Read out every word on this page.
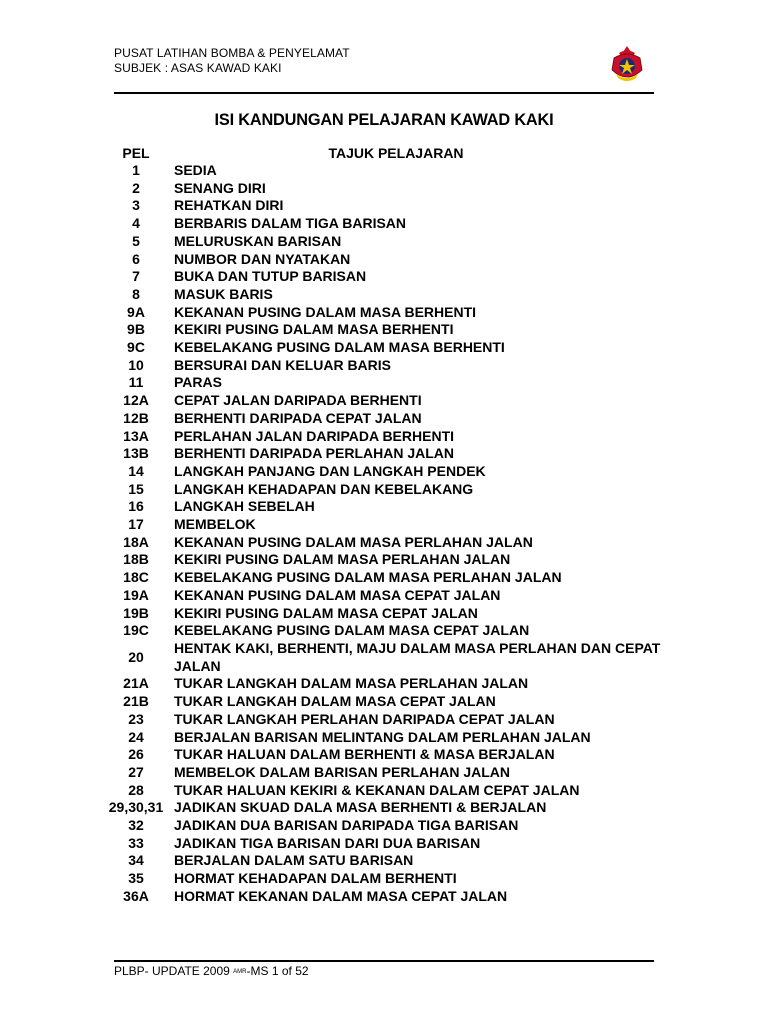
PUSAT LATIHAN BOMBA & PENYELAMAT
SUBJEK : ASAS KAWAD KAKI
ISI KANDUNGAN PELAJARAN KAWAD KAKI
PEL	TAJUK PELAJARAN
1	SEDIA
2	SENANG DIRI
3	REHATKAN DIRI
4	BERBARIS DALAM TIGA BARISAN
5	MELURUSKAN BARISAN
6	NUMBOR DAN NYATAKAN
7	BUKA DAN TUTUP BARISAN
8	MASUK BARIS
9A	KEKANAN PUSING DALAM MASA BERHENTI
9B	KEKIRI PUSING DALAM MASA BERHENTI
9C	KEBELAKANG PUSING DALAM MASA BERHENTI
10	BERSURAI DAN KELUAR BARIS
11	PARAS
12A	CEPAT JALAN DARIPADA BERHENTI
12B	BERHENTI DARIPADA CEPAT JALAN
13A	PERLAHAN JALAN DARIPADA BERHENTI
13B	BERHENTI DARIPADA PERLAHAN JALAN
14	LANGKAH PANJANG DAN LANGKAH PENDEK
15	LANGKAH KEHADAPAN DAN KEBELAKANG
16	LANGKAH SEBELAH
17	MEMBELOK
18A	KEKANAN PUSING DALAM MASA PERLAHAN JALAN
18B	KEKIRI PUSING DALAM MASA PERLAHAN JALAN
18C	KEBELAKANG PUSING DALAM MASA PERLAHAN JALAN
19A	KEKANAN PUSING DALAM MASA CEPAT JALAN
19B	KEKIRI PUSING DALAM MASA CEPAT JALAN
19C	KEBELAKANG PUSING DALAM MASA CEPAT JALAN
20	HENTAK KAKI, BERHENTI, MAJU DALAM MASA PERLAHAN DAN CEPAT JALAN
21A	TUKAR LANGKAH DALAM MASA PERLAHAN JALAN
21B	TUKAR LANGKAH DALAM MASA CEPAT JALAN
23	TUKAR LANGKAH PERLAHAN DARIPADA CEPAT JALAN
24	BERJALAN BARISAN MELINTANG DALAM PERLAHAN JALAN
26	TUKAR HALUAN DALAM BERHENTI & MASA BERJALAN
27	MEMBELOK DALAM BARISAN PERLAHAN JALAN
28	TUKAR HALUAN KEKIRI & KEKANAN DALAM CEPAT JALAN
29,30,31	JADIKAN SKUAD DALA MASA BERHENTI & BERJALAN
32	JADIKAN DUA BARISAN DARIPADA TIGA BARISAN
33	JADIKAN TIGA BARISAN DARI DUA BARISAN
34	BERJALAN DALAM SATU BARISAN
35	HORMAT KEHADAPAN DALAM BERHENTI
36A	HORMAT KEKANAN DALAM MASA CEPAT JALAN
PLBP- UPDATE 2009 AMR-MS 1 of 52
